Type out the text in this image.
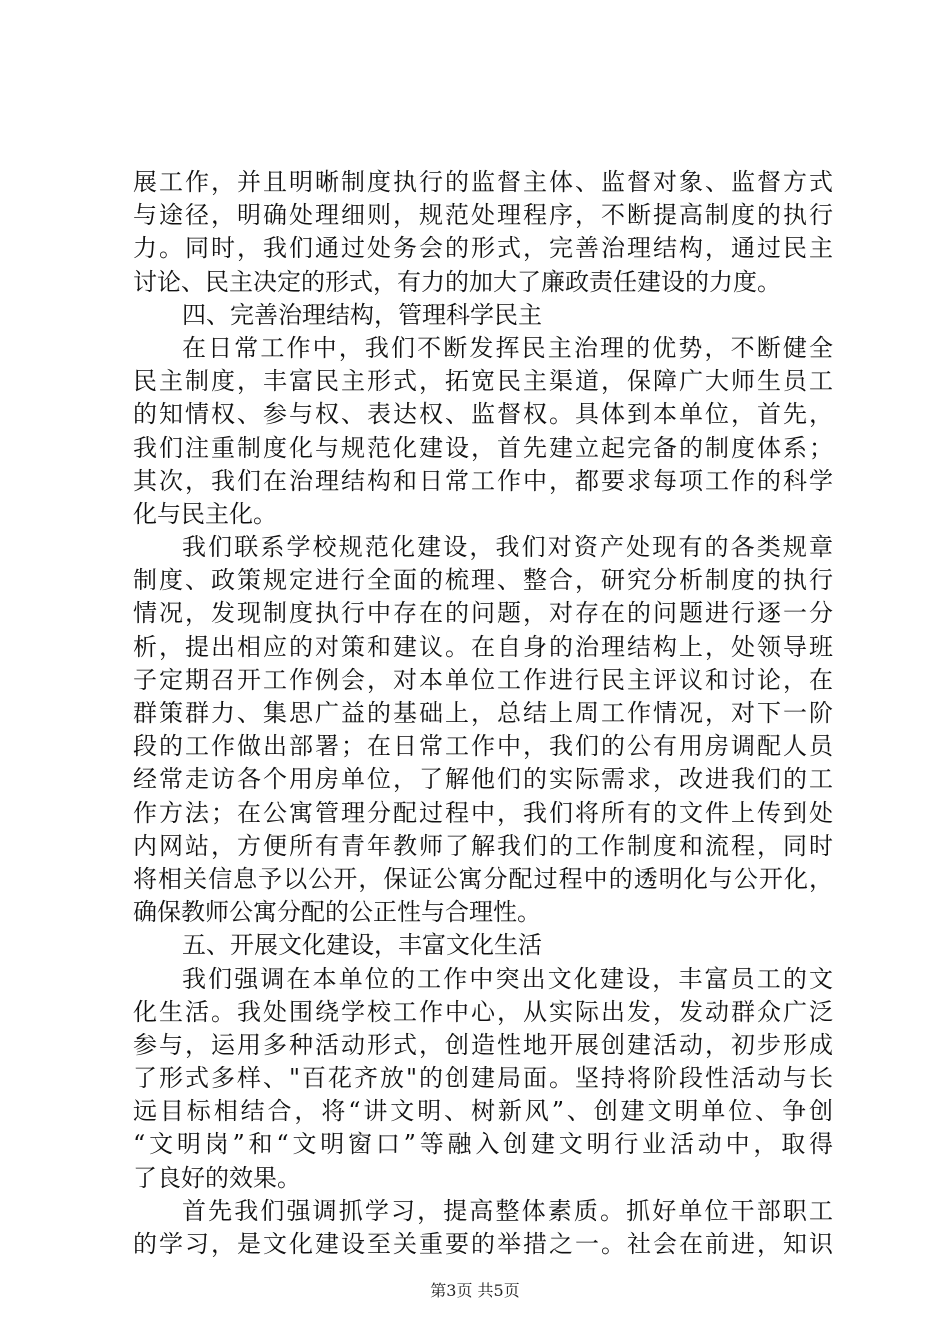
展工作，并且明晰制度执行的监督主体、监督对象、监督方式
与途径，明确处理细则，规范处理程序，不断提高制度的执行
力。同时，我们通过处务会的形式，完善治理结构，通过民主
讨论、民主决定的形式，有力的加大了廉政责任建设的力度。
四、完善治理结构，管理科学民主
在日常工作中，我们不断发挥民主治理的优势，不断健全
民主制度，丰富民主形式，拓宽民主渠道，保障广大师生员工
的知情权、参与权、表达权、监督权。具体到本单位，首先，
我们注重制度化与规范化建设，首先建立起完备的制度体系；
其次，我们在治理结构和日常工作中，都要求每项工作的科学
化与民主化。
我们联系学校规范化建设，我们对资产处现有的各类规章
制度、政策规定进行全面的梳理、整合，研究分析制度的执行
情况，发现制度执行中存在的问题，对存在的问题进行逐一分
析，提出相应的对策和建议。在自身的治理结构上，处领导班
子定期召开工作例会，对本单位工作进行民主评议和讨论，在
群策群力、集思广益的基础上，总结上周工作情况，对下一阶
段的工作做出部署；在日常工作中，我们的公有用房调配人员
经常走访各个用房单位，了解他们的实际需求，改进我们的工
作方法；在公寓管理分配过程中，我们将所有的文件上传到处
内网站，方便所有青年教师了解我们的工作制度和流程，同时
将相关信息予以公开，保证公寓分配过程中的透明化与公开化，
确保教师公寓分配的公正性与合理性。
五、开展文化建设，丰富文化生活
我们强调在本单位的工作中突出文化建设，丰富员工的文
化生活。我处围绕学校工作中心，从实际出发，发动群众广泛
参与，运用多种活动形式，创造性地开展创建活动，初步形成
了形式多样、"百花齐放"的创建局面。坚持将阶段性活动与长
远目标相结合，将“讲文明、树新风”、创建文明单位、争创
“文明岗”和“文明窗口”等融入创建文明行业活动中，取得
了良好的效果。
首先我们强调抓学习，提高整体素质。抓好单位干部职工
的学习，是文化建设至关重要的举措之一。社会在前进，知识
第3页 共5页
